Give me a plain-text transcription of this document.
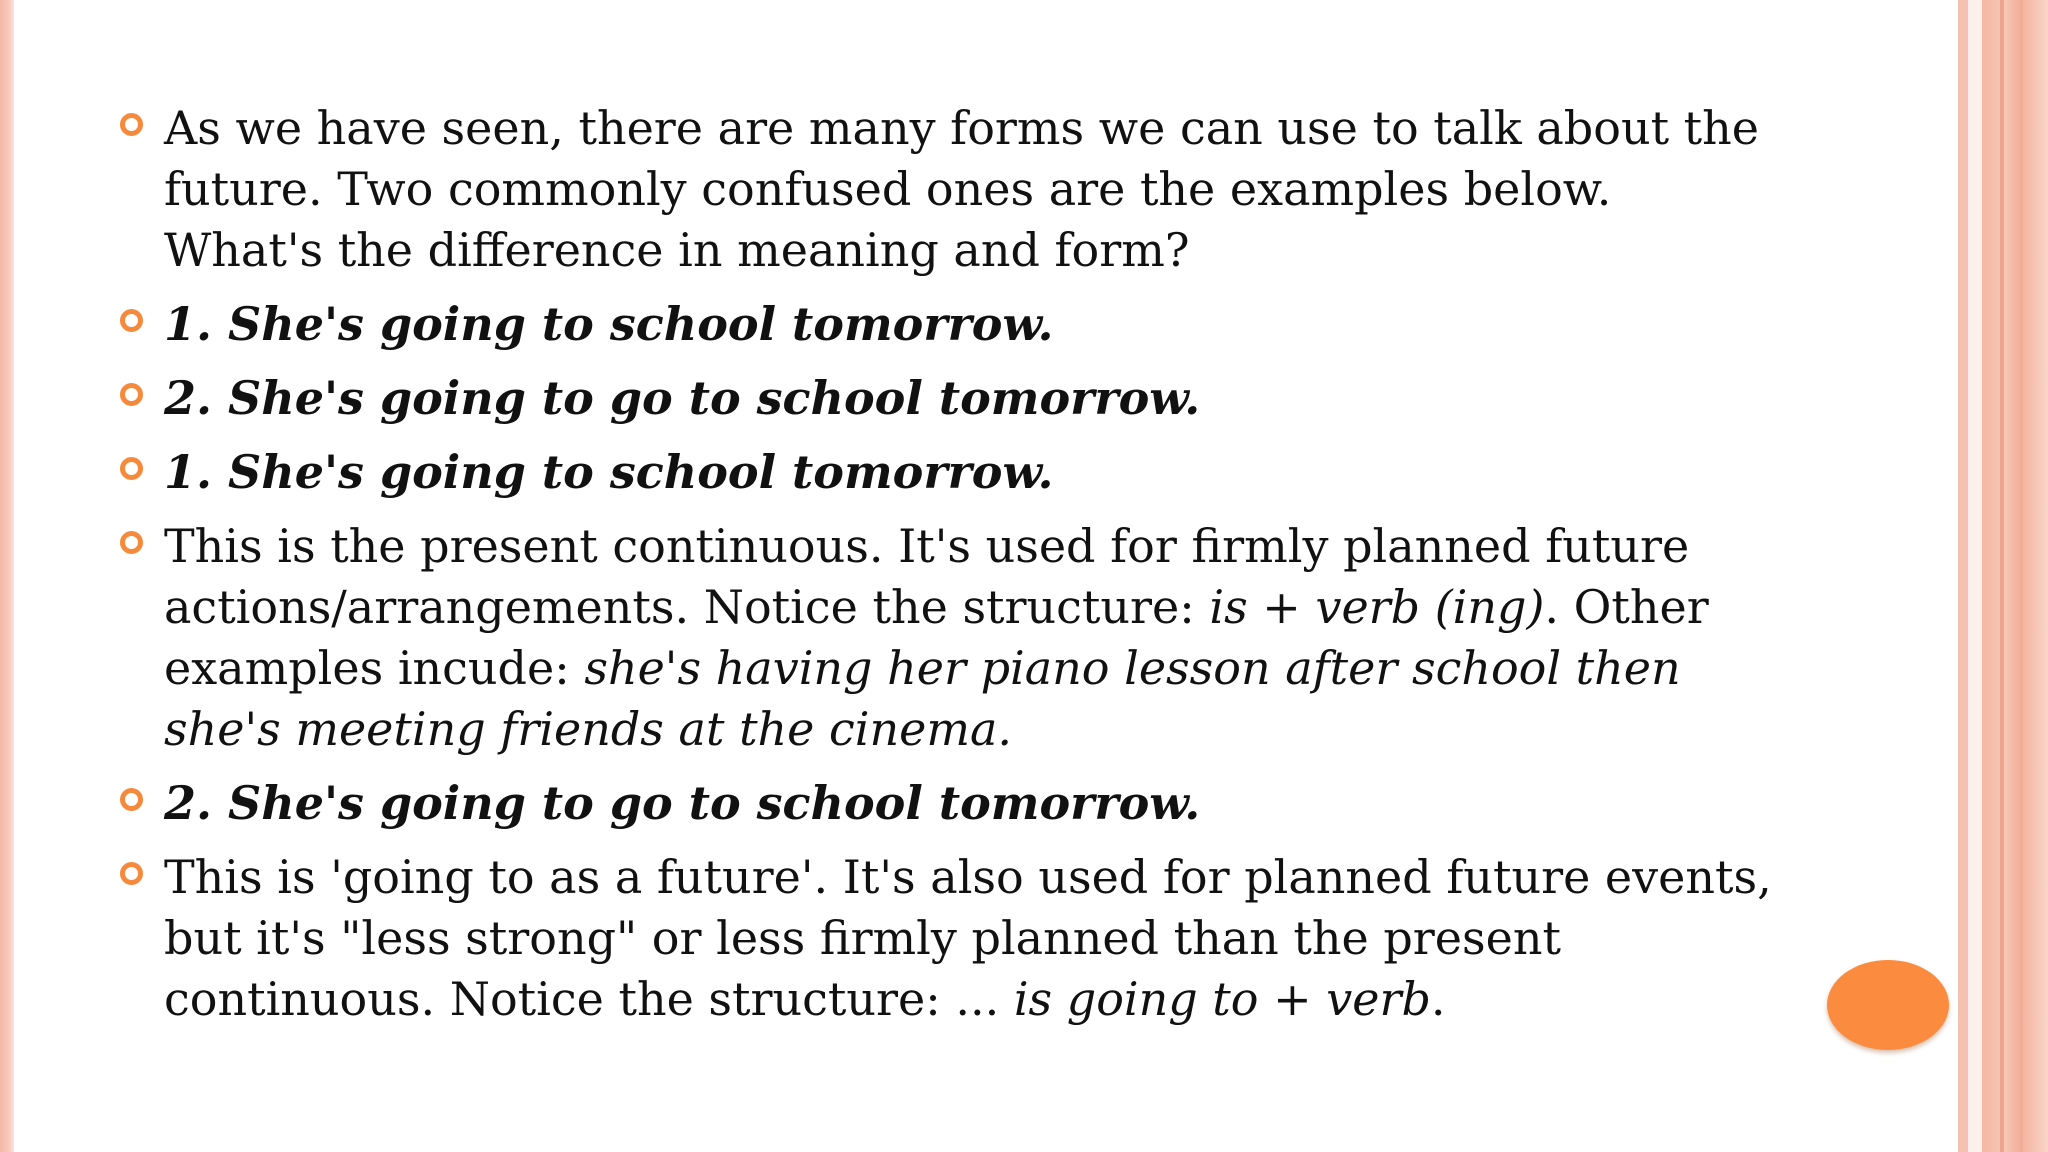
As we have seen, there are many forms we can use to talk about the future. Two commonly confused ones are the examples below. What's the difference in meaning and form?
1. She's going to school tomorrow.
2. She's going to go to school tomorrow.
1. She's going to school tomorrow.
This is the present continuous. It's used for firmly planned future actions/arrangements. Notice the structure: is + verb (ing). Other examples incude: she's having her piano lesson after school then she's meeting friends at the cinema.
2. She's going to go to school tomorrow.
This is 'going to as a future'. It's also used for planned future events, but it's "less strong" or less firmly planned than the present continuous. Notice the structure: ... is going to + verb.
